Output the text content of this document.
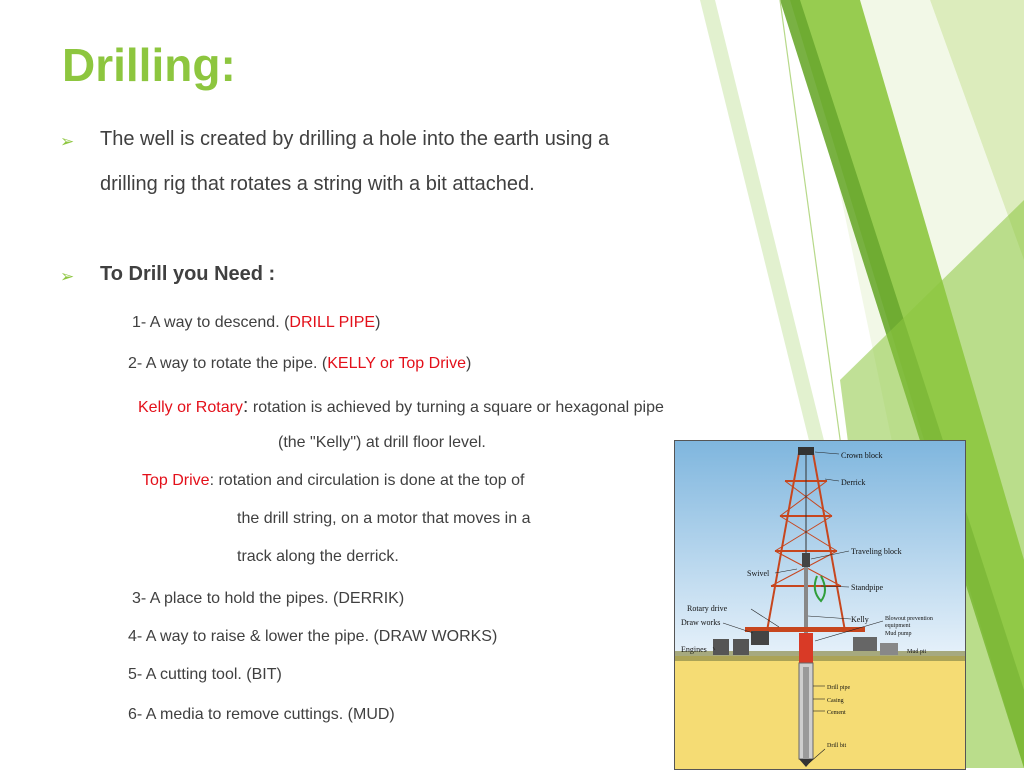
Drilling:
➢ The well is created by drilling a hole into the earth using a
drilling rig that rotates a string with a bit attached.
➢ To Drill you Need :
1- A way to descend. (DRILL PIPE)
2- A way to rotate the pipe. (KELLY or Top Drive)
Kelly or Rotary: rotation is achieved by turning a square or hexagonal pipe
(the "Kelly") at drill floor level.
Top Drive: rotation and circulation is done at the top of
the drill string, on a motor that moves in a
track along the derrick.
3- A place to hold the pipes. (DERRIK)
4- A way to raise & lower the pipe. (DRAW WORKS)
5- A cutting tool. (BIT)
6- A media to remove cuttings. (MUD)
Crown block
Derrick
Traveling block
Swivel
Standpipe
Rotary drive
Draw works	Kelly	Blowout prevention
equipment
Mud pump
Engines	Mud pit
Drill pipe
Casing
Cement
Drill bit
